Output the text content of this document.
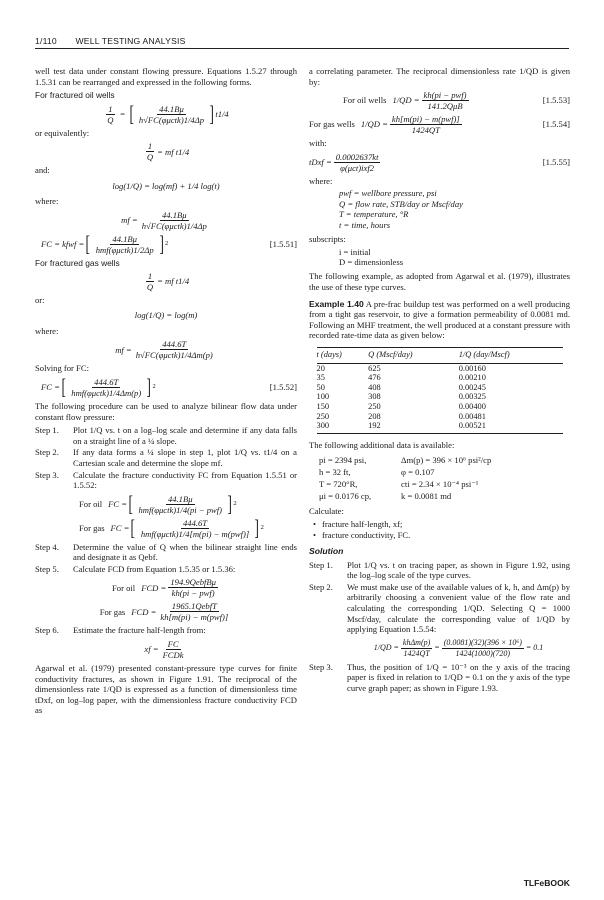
1/110 WELL TESTING ANALYSIS

well test data under constant flowing pressure. Equations 1.5.27 through 1.5.31 can be rearranged and expressed in the following forms.

For fractured oil wells
$\frac{1}{Q}$ = [ $\frac{44.1B\mu}{\text{h√FC(φμctk)1/4Δp}}$ ] t1/4
or equivalently:
$\frac{1}{Q}$ = mf t1/4
and:
log(1/Q) = log(mf) + 1/4 log(t)
where:
mf = $\frac{44.1B\mu}{\text{h√FC(φμctk)1/4Δp}}$
FC = kfwf = [ $\frac{44.1B\mu}{\text{hmf(φμctk)1/2Δp}}$ ] 2	[1.5.51]
For fractured gas wells
$\frac{1}{Q}$ = mf t1/4
or:
log(1/Q) = log(m)
where:
mf = $\frac{444.6T}{\text{h√FC(φμctk)1/4Δm(p)}}$
Solving for FC:
FC = [ $\frac{444.6T}{\text{hmf(φμctk)1/4Δm(p)}}$ ] 2	[1.5.52]

The following procedure can be used to analyze bilinear flow data under constant flow pressure:

Step 1.	Plot 1/Q vs. t on a log–log scale and determine if any data falls on a straight line of a ¼ slope.
Step 2.	If any data forms a ¼ slope in step 1, plot 1/Q vs. t1/4 on a Cartesian scale and determine the slope mf.
Step 3.	Calculate the fracture conductivity FC from Equation 1.5.51 or 1.5.52:
For oil FC = [ $\frac{44.1B\mu}{\text{hmf(φμctk)1/4(pi − pwf)}}$ ] 2
For gas FC = [ $\frac{444.6T}{\text{hmf(φμctk)1/4[m(pi) − m(pwf)]}}$ ] 2
Step 4.	Determine the value of Q when the bilinear straight line ends and designate it as Qebf.
Step 5.	Calculate FCD from Equation 1.5.35 or 1.5.36:
For oil FCD = $\frac{\text{194.9QebfBμ}}{\text{kh(pi − pwf)}}$
For gas FCD = $\frac{\text{1965.1QebfT}}{\text{kh[m(pi) − m(pwf)]}}$
Step 6.	Estimate the fracture half-length from:
xf = $\frac{FC}{\text{FCDk}}$

Agarwal et al. (1979) presented constant-pressure type curves for finite conductivity fractures, as shown in Figure 1.91. The reciprocal of the dimensionless rate 1/QD is expressed as a function of dimensionless time tDxf, on log–log paper, with the dimensionless fracture conductivity FCD as

a correlating parameter. The reciprocal dimensionless rate 1/QD is given by:

For oil wells $1/QD = \frac{\text{kh(pi − pwf)}}{\text{141.2QμB}}$	[1.5.53]
For gas wells $1/QD = \frac{\text{kh[m(pi) − m(pwf)]}}{1424QT}$	[1.5.54]
with:
tDxf = $\frac{0.0002637kt}{\text{φ(μct)ixf2}}$	[1.5.55]
where:
pwf = wellbore pressure, psi
Q = flow rate, STB/day or Mscf/day
T = temperature, °R
t = time, hours
subscripts:
i = initial
D = dimensionless

The following example, as adopted from Agarwal et al. (1979), illustrates the use of these type curves.

Example 1.40 A pre-frac buildup test was performed on a well producing from a tight gas reservoir, to give a formation permeability of 0.0081 md. Following an MHF treatment, the well produced at a constant pressure with recorded rate-time data as given below:

t (days)	Q (Mscf/day)	1/Q (day/Mscf)
20	625	0.00160
35	476	0.00210
50	408	0.00245
100	308	0.00325
150	250	0.00400
250	208	0.00481
300	192	0.00521

The following additional data is available:

pi = 2394 psi,	Δm(p) = 396 × 10⁶ psi²/cp
h = 32 ft,	φ = 0.107
T = 720°R,	cti = 2.34 × 10⁻⁴ psi⁻¹
μi = 0.0176 cp,	k = 0.0081 md
Calculate:
• fracture half-length, xf;
• fracture conductivity, FC.
Solution
Step 1.	Plot 1/Q vs. t on tracing paper, as shown in Figure 1.92, using the log–log scale of the type curves.
Step 2.	We must make use of the available values of k, h, and Δm(p) by arbitrarily choosing a convenient value of the flow rate and calculating the corresponding 1/QD. Selecting Q = 1000 Mscf/day, calculate the corresponding value of 1/QD by applying Equation 1.5.54:
$1/QD = \frac{\text{khΔm(p)}}{1424QT} = \frac{\text{(0.0081)(32)(396 × 10⁶)}}{1424(1000)(720)} = 0.1$
Step 3.	Thus, the position of 1/Q = 10⁻³ on the y axis of the tracing paper is fixed in relation to 1/QD = 0.1 on the y axis of the type curve graph paper; as shown in Figure 1.93.
TLFeBOOK
